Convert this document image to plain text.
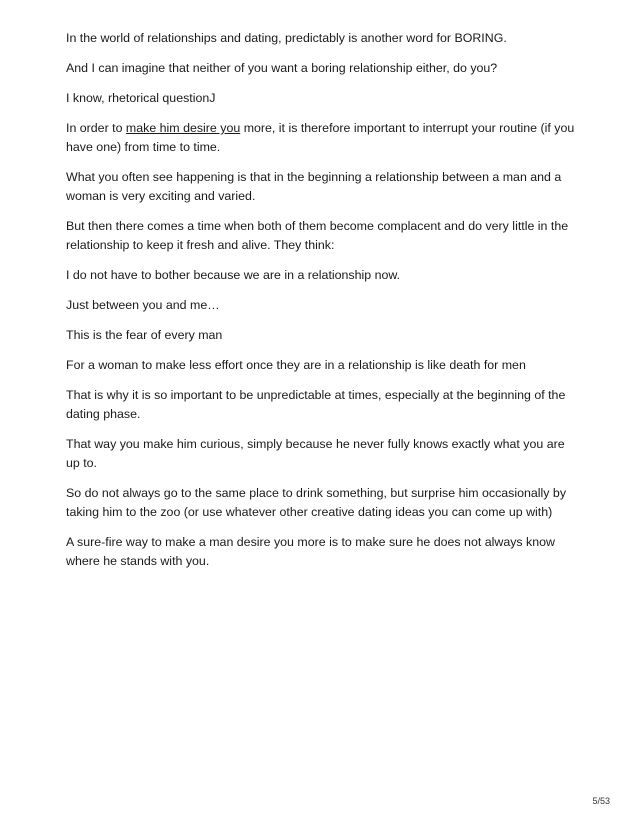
In the world of relationships and dating, predictably is another word for BORING.

And I can imagine that neither of you want a boring relationship either, do you?

I know, rhetorical questionJ

In order to make him desire you more, it is therefore important to interrupt your routine (if you have one) from time to time.

What you often see happening is that in the beginning a relationship between a man and a woman is very exciting and varied.

But then there comes a time when both of them become complacent and do very little in the relationship to keep it fresh and alive. They think:

I do not have to bother because we are in a relationship now.

Just between you and me…

This is the fear of every man

For a woman to make less effort once they are in a relationship is like death for men

That is why it is so important to be unpredictable at times, especially at the beginning of the dating phase.

That way you make him curious, simply because he never fully knows exactly what you are up to.

So do not always go to the same place to drink something, but surprise him occasionally by taking him to the zoo (or use whatever other creative dating ideas you can come up with)

A sure-fire way to make a man desire you more is to make sure he does not always know where he stands with you.

5/53
